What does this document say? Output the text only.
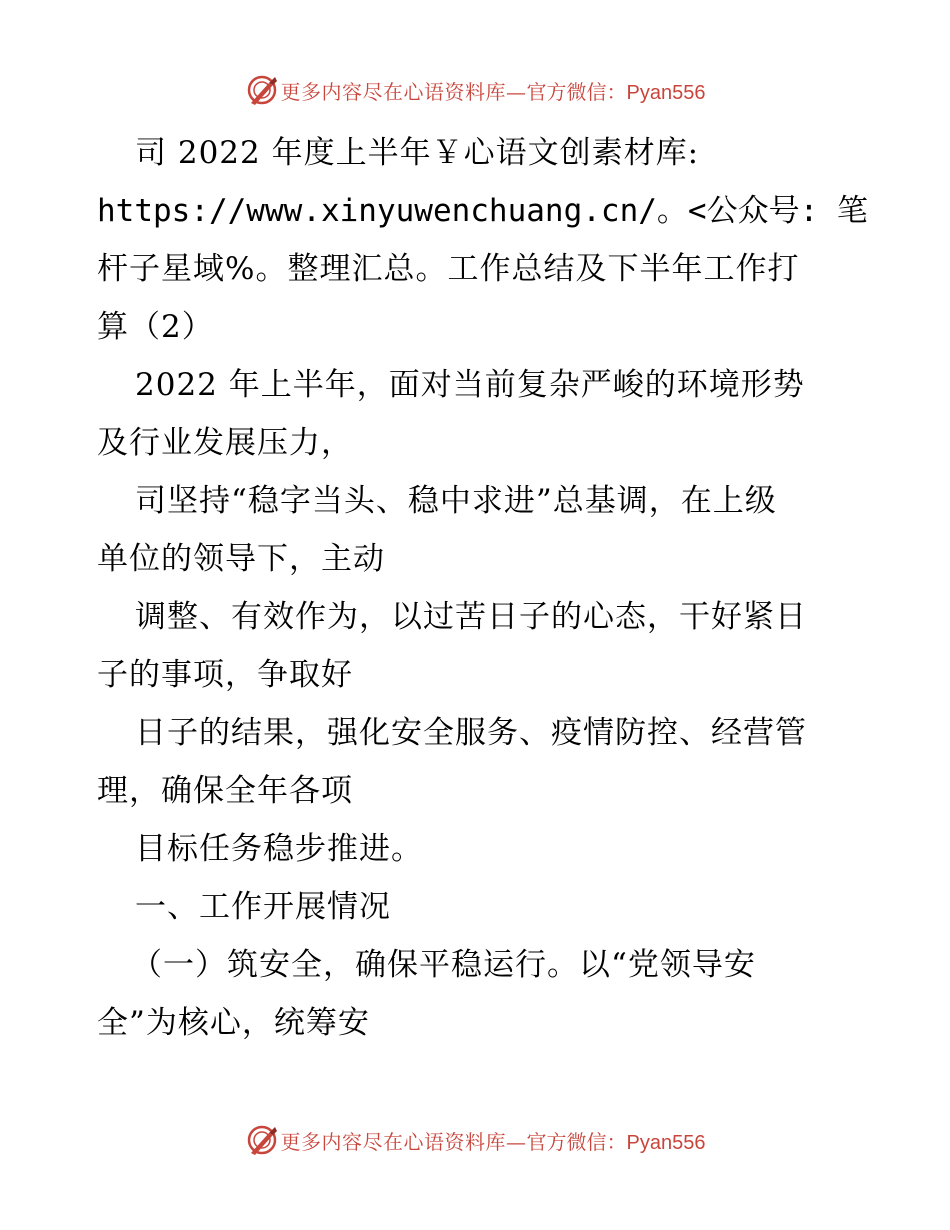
更多内容尽在心语资料库— 官方微信：Pyan556
司 2022 年度上半年￥心语文创素材库:
https://www.xinyuwenchuang.cn/。<公众号: 笔
杆子星域%。整理汇总。工作总结及下半年工作打
算（2）
2022 年上半年，面对当前复杂严峻的环境形势
及行业发展压力，
司坚持“稳字当头、稳中求进”总基调，在上级
单位的领导下，主动
调整、有效作为，以过苦日子的心态，干好紧日
子的事项，争取好
日子的结果，强化安全服务、疫情防控、经营管
理，确保全年各项
目标任务稳步推进。
一、工作开展情况
（一）筑安全，确保平稳运行。以“党领导安
全”为核心，统筹安
更多内容尽在心语资料库— 官方微信：Pyan556
